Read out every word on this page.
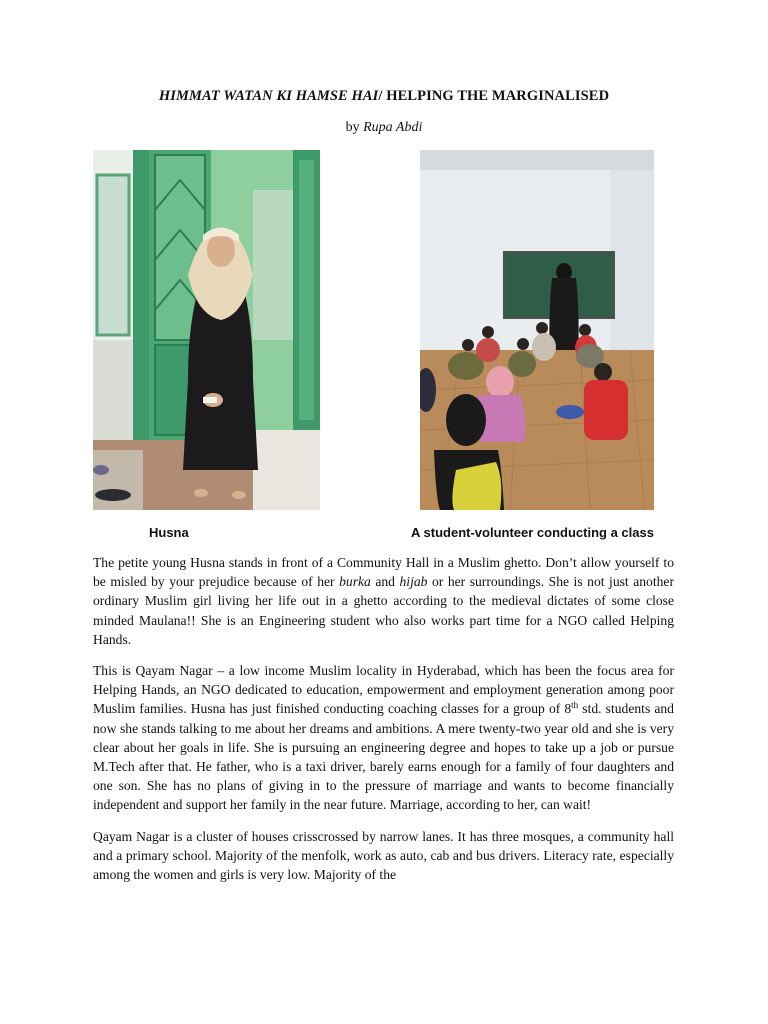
HIMMAT WATAN KI HAMSE HAI/ HELPING THE MARGINALISED
by Rupa Abdi
Husna	A student-volunteer conducting a class

The petite young Husna stands in front of a Community Hall in a Muslim ghetto. Don’t allow yourself to be misled by your prejudice because of her burka and hijab or her surroundings. She is not just another ordinary Muslim girl living her life out in a ghetto according to the medieval dictates of some close minded Maulana!! She is an Engineering student who also works part time for a NGO called Helping Hands.

This is Qayam Nagar – a low income Muslim locality in Hyderabad, which has been the focus area for Helping Hands, an NGO dedicated to education, empowerment and employment generation among poor Muslim families. Husna has just finished conducting coaching classes for a group of 8th std. students and now she stands talking to me about her dreams and ambitions. A mere twenty-two year old and she is very clear about her goals in life. She is pursuing an engineering degree and hopes to take up a job or pursue M.Tech after that. He father, who is a taxi driver, barely earns enough for a family of four daughters and one son. She has no plans of giving in to the pressure of marriage and wants to become financially independent and support her family in the near future. Marriage, according to her, can wait!

Qayam Nagar is a cluster of houses crisscrossed by narrow lanes. It has three mosques, a community hall and a primary school. Majority of the menfolk, work as auto, cab and bus drivers. Literacy rate, especially among the women and girls is very low. Majority of the
